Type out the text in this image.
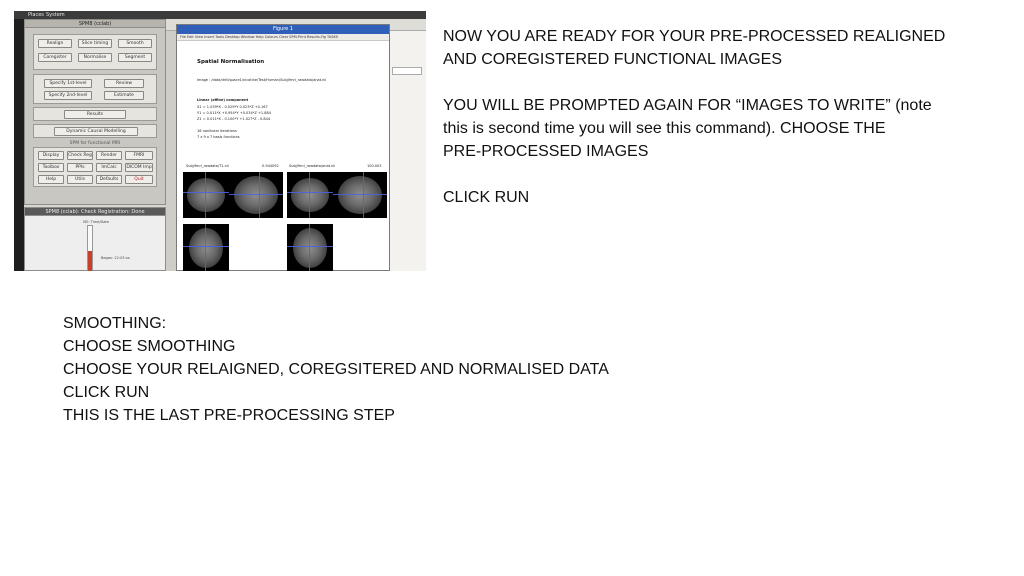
Places System
SPM8 (cclab)
Realign	Slice timing	Smooth
Coregister	Normalise	Segment
Specify 1st-level	Review
Specify 2nd-level	Estimate
Results
Dynamic Causal Modelling
SPM for functional MRI
Display	Check Reg	Render	FMRI
Toolbox	PPIs	ImCalc	DICOM Imp
Help	Utils	Defaults	Quit
SPM8 (cclab): Check Registration: Done
ISE: Time/Date
Began: 22:03:xx
Figure 1
File Edit View Insert Tools Desktop Window Help Colours Clear SPM-Print Results-Fig TASKS
Spatial Normalisation
Image : /data/drill/space1/nicotine/Test/Human/Subj/fmri_rawdata/anat.nii
Linear (affine) component
X1 = 1.039*X - 0.029*Y 0.023*Z +0.167
Y1 = 0.011*X +0.954*Y +0.034*Z +1.884
Z1 = 0.011*X - 0.100*Y +1.027*Z - 0.844
16 nonlinear iterations
7 x 9 x 7 basis functions
Subj/fmri_rawdata/T1.nii	0.944092	Subj/fmri_rawdata/anat.nii	100.003

NOW YOU ARE READY FOR YOUR PRE-PROCESSED REALIGNED

AND COREGISTERED FUNCTIONAL IMAGES

YOU WILL BE PROMPTED AGAIN FOR “IMAGES TO WRITE” (note

this is second time you will see this command). CHOOSE THE

PRE-PROCESSED IMAGES

CLICK RUN

SMOOTHING:

CHOOSE SMOOTHING

CHOOSE YOUR RELAIGNED, COREGSITERED AND NORMALISED DATA

CLICK RUN

THIS IS THE LAST PRE-PROCESSING STEP
